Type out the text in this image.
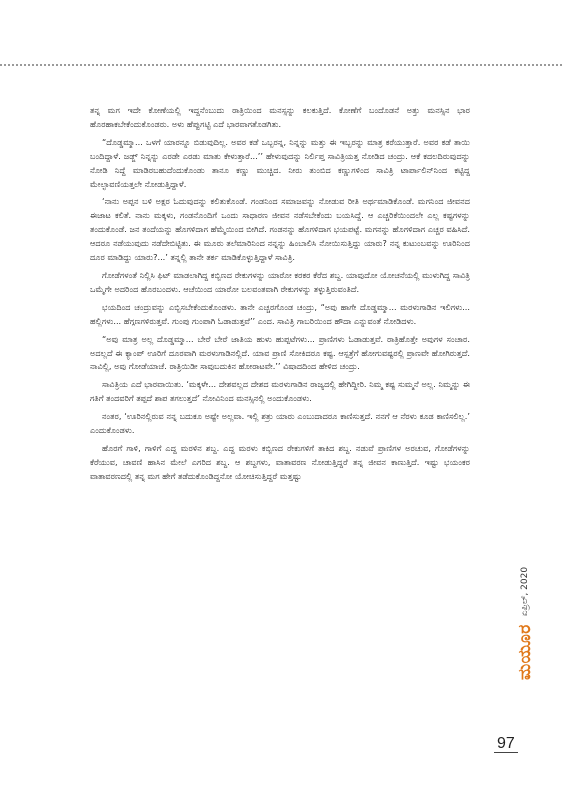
ತನ್ನ ಮಗ ಇದೇ ಕೋಣೆಯಲ್ಲಿ ಇದ್ದನೆಂಬುದು ರಾತ್ರಿಯಿಂದ ಮನಸ್ಸನ್ನು ಕಲಕುತ್ತಿದೆ. ಕೋಣೆಗೆ ಬಂದೊಡನೆ ಅತ್ತು ಮನಸ್ಸಿನ ಭಾರ ಹೊರಹಾಕಬೇಕೆಂದುಕೊಂಡರು. ಅಳು ಹೆಪ್ಪುಗಟ್ಟಿ ಎದೆ ಭಾರವಾಗತೊಡಗಿತು.

“ದೊಡ್ಡಮ್ಮಾ... ಒಳಗೆ ಯಾರನ್ನೂ ಬಿಡುವುದಿಲ್ಲ. ಅವರ ಕಡೆ ಒಬ್ಬರನ್ನ, ನಿನ್ನನ್ನು ಮತ್ತು ಈ ಇಬ್ಬರನ್ನು ಮಾತ್ರ ಕರೆಯುತ್ತಾರೆ. ಅವರ ಕಡೆ ತಾಯಿ ಬಂದಿದ್ದಾಳೆ. ಜಡ್ಜ್ ನಿನ್ನನ್ನು ಎರಡೇ ಎರಡು ಮಾತು ಕೇಳುತ್ತಾರೆ...’’ ಹೇಳುವುದನ್ನು ನಿರ್ಲಿಪ್ತ ಸಾವಿತ್ರಿಯತ್ತ ನೋಡಿದ ಚಂದ್ರು. ಆಕೆ ಕದಲದಿರುವುದನ್ನು ನೋಡಿ ನಿದ್ದೆ ಮಾಡಿರಬಹುದೆಂದುಕೊಂಡು ತಾನೂ ಕಣ್ಣು ಮುಚ್ಚಿದ. ನೀರು ತುಂಬಿದ ಕಣ್ಣುಗಳಿಂದ ಸಾವಿತ್ರಿ ಟಾರ್ಪಾಲಿನ್‌ನಿಂದ ಕಟ್ಟಿದ್ದ ಮೇಲ್ಛಾವಣಿಯತ್ತಲೇ ನೋಡುತ್ತಿದ್ದಾಳೆ.

‘ನಾನು ಅಪ್ಪನ ಬಳಿ ಅಕ್ಷರ ಓದುವುದನ್ನು ಕಲಿತುಕೊಂಡೆ. ಗಂಡನಿಂದ ಸಮಾಜವನ್ನು ನೋಡುವ ರೀತಿ ಅರ್ಥಮಾಡಿಕೊಂಡೆ. ಮಗನಿಂದ ಜೀವನದ ಈಜಾಟ ಕಲಿತೆ. ನಾನು ಮಕ್ಕಳು, ಗಂಡನೊಂದಿಗೆ ಒಂದು ಸಾಧಾರಣ ಜೀವನ ನಡೆಸಬೇಕೆಂದು ಬಯಸಿದ್ದೆ. ಆ ಎಚ್ಚರಿಕೆಯಿಂದಲೇ ಎಲ್ಲ ಕಷ್ಟಗಳನ್ನು ತಂದುಕೊಂಡೆ. ಜನ ತಂದೆಯನ್ನು ಹೊಗಳಿದಾಗ ಹೆಮ್ಮೆಯಿಂದ ಬೀಗಿದೆ. ಗಂಡನನ್ನು ಹೊಗಳಿದಾಗ ಭಯಪಟ್ಟೆ. ಮಗನನ್ನು ಹೊಗಳಿದಾಗ ಎಚ್ಚರ ವಹಿಸಿದೆ. ಆದರೂ ನಡೆಯುವುದು ನಡೆದೇಬಿಟ್ಟಿತು. ಈ ಮೂರು ತಲೆಮಾರಿನಿಂದ ನನ್ನನ್ನು ಹಿಂಬಾಲಿಸಿ ನೋಯಿಸುತ್ತಿದ್ದು ಯಾರು? ನನ್ನ ಕುಟುಂಬವನ್ನು ಊರಿನಿಂದ ದೂರ ಮಾಡಿದ್ದು ಯಾರು?...’ ತನ್ನಲ್ಲಿ ತಾನೇ ತರ್ಕ ಮಾಡಿಕೊಳ್ಳುತ್ತಿದ್ದಾಳೆ ಸಾವಿತ್ರಿ.

ಗೋಡೆಗಳಂತೆ ನಿಲ್ಲಿಸಿ ಫಿಟ್ ಮಾಡಲಾಗಿದ್ದ ಕಬ್ಬಿಣದ ರೇಕುಗಳನ್ನು ಯಾರೋ ಕರಕರ ಕೆರೆದ ಶಬ್ದ. ಯಾವುದೋ ಯೋಚನೆಯಲ್ಲಿ ಮುಳುಗಿದ್ದ ಸಾವಿತ್ರಿ ಒಮ್ಮೆಗೇ ಅದರಿಂದ ಹೊರಬಂದಳು. ಆಚೆಯಿಂದ ಯಾರೋ ಬಲವಂತವಾಗಿ ರೇಕುಗಳನ್ನು ತಳ್ಳುತ್ತಿರುವಂತಿದೆ.

ಭಯದಿಂದ ಚಂದ್ರುವನ್ನು ಎಬ್ಬಿಸಬೇಕೆಂದುಕೊಂಡಳು. ತಾನೇ ಎಚ್ಚರಗೊಂಡ ಚಂದ್ರು, “ಅವು ಹಾಗೇ ದೊಡ್ಡಮ್ಮಾ... ಮರಳುಗಾಡಿನ ಇಲಿಗಳು... ಹಲ್ಲಿಗಳು... ಹೆಗ್ಗಣಗಳಿರುತ್ತವೆ. ಗುಂಪು ಗುಂಪಾಗಿ ಓಡಾಡುತ್ತವೆ’’ ಎಂದ. ಸಾವಿತ್ರಿ ಗಾಬರಿಯಿಂದ ಹೌದಾ ಎನ್ನುವಂತೆ ನೋಡಿದಳು.

“ಅವು ಮಾತ್ರ ಅಲ್ಲ ದೊಡ್ಡಮ್ಮಾ... ಬೇರೆ ಬೇರೆ ಜಾತಿಯ ಹುಳು ಹುಪ್ಪಟೆಗಳು... ಪ್ರಾಣಿಗಳು ಓಡಾಡುತ್ತವೆ. ರಾತ್ರಿಹೊತ್ತೇ ಅವುಗಳ ಸಂಚಾರ. ಅದಲ್ಲದೆ ಈ ಕ್ಯಾಂಪ್ ಊರಿಗೆ ದೂರವಾಗಿ ಮರಳುಗಾಡಿನಲ್ಲಿದೆ. ಯಾವ ಪ್ರಾಣಿ ಸೋಕಿದರೂ ಕಷ್ಟ. ಆಸ್ಪತ್ರೆಗೆ ಹೋಗುವಷ್ಟರಲ್ಲಿ ಪ್ರಾಣವೇ ಹೋಗಿರುತ್ತದೆ. ನಾವಿಲ್ಲಿ, ಅವು ಗೋಡೆಯಾಚೆ. ರಾತ್ರಿಯಿಡೀ ಸಾವುಬದುಕಿನ ಹೋರಾಟವೇ.’’ ವಿಷಾದದಿಂದ ಹೇಳಿದ ಚಂದ್ರು.

ಸಾವಿತ್ರಿಯ ಎದೆ ಭಾರವಾಯಿತು. ‘ಮಕ್ಕಳೇ... ದೇಶವಲ್ಲದ ದೇಶದ ಮರಳುಗಾಡಿನ ರಾಜ್ಯದಲ್ಲಿ ಹೇಗಿದ್ದೀರಿ. ನಿಮ್ಮ ಕಷ್ಟ ಸುಮ್ಮನೆ ಅಲ್ಲ. ನಿಮ್ಮನ್ನು ಈ ಗತಿಗೆ ತಂದವರಿಗೆ ತಪ್ಪದೆ ಶಾಪ ತಗಲುತ್ತದೆ’ ನೋವಿನಿಂದ ಮನಸ್ಸಿನಲ್ಲಿ ಅಂದುಕೊಂಡಳು.

ನಂತರ, ‘ಊರಿನಲ್ಲಿರುವ ನನ್ನ ಬದುಕೂ ಅಷ್ಟೇ ಅಲ್ಲವಾ. ಇಲ್ಲಿ ಶತ್ರು ಯಾರು ಎಂಬುದಾದರೂ ಕಾಣಿಸುತ್ತದೆ. ನನಗೆ ಆ ನೆರಳು ಕೂಡ ಕಾಣಿಸಲಿಲ್ಲ.’ ಎಂದುಕೊಂಡಳು.

ಹೊರಗೆ ಗಾಳಿ, ಗಾಳಿಗೆ ಎದ್ದ ಮರಳಿನ ಶಬ್ದ. ಎದ್ದ ಮರಳು ಕಬ್ಬಿಣದ ರೇಕುಗಳಿಗೆ ತಾಕಿದ ಶಬ್ದ. ನಡುವೆ ಪ್ರಾಣಿಗಳ ಅರಚುವ, ಗೋಡೆಗಳನ್ನು ಕೆರೆಯುವ, ಚಾವಣಿ ಹಾಸಿನ ಮೇಲೆ ಎಗರಿದ ಶಬ್ದ. ಆ ಶಬ್ದಗಳು, ವಾತಾವರಣ ನೋಡುತ್ತಿದ್ದರೆ ತನ್ನ ಜೀವನ ಕಾಣುತ್ತಿದೆ. ಇಷ್ಟು ಭಯಂಕರ ವಾತಾವರಣದಲ್ಲಿ ತನ್ನ ಮಗ ಹೇಗೆ ತಡೆದುಕೊಂಡಿದ್ದನೋ ಯೋಚಿಸುತ್ತಿದ್ದರೆ ಮತ್ತಷ್ಟು

ಮಯೂರ
ಏಪ್ರಿಲ್, 2020
97
